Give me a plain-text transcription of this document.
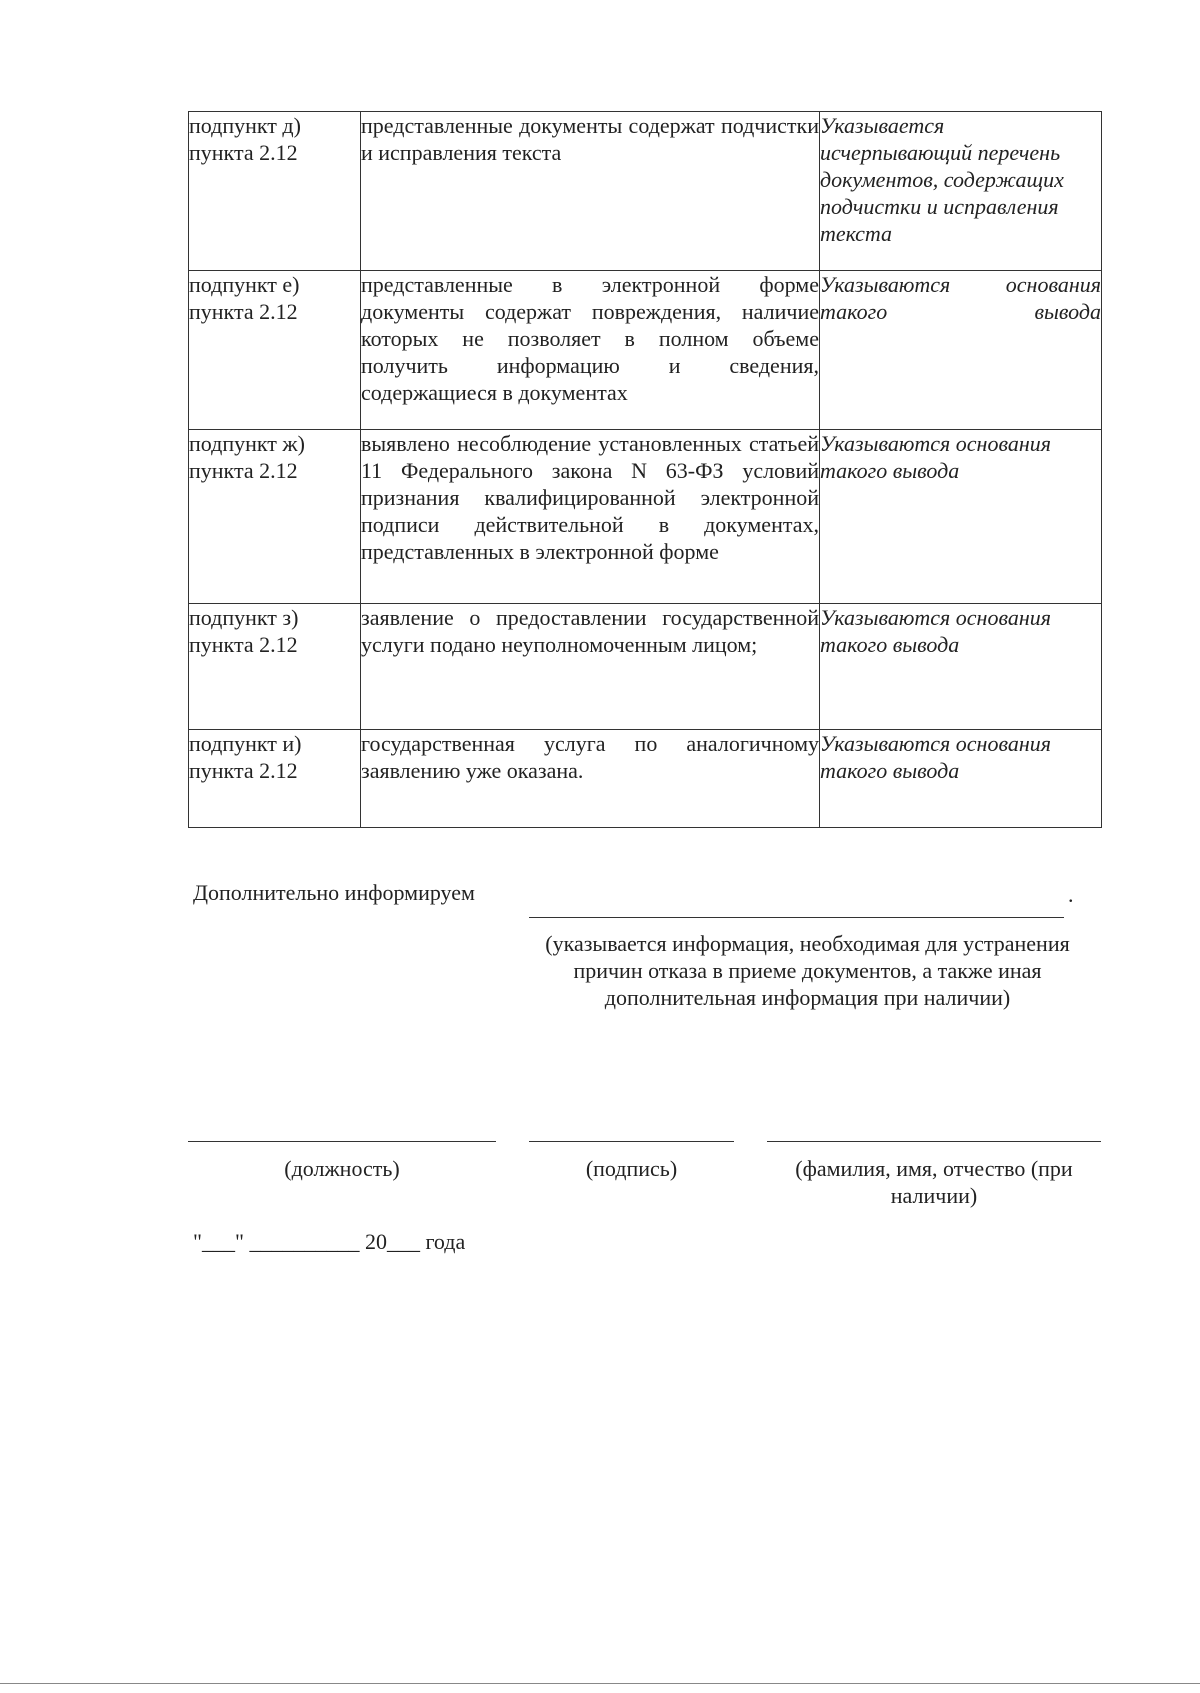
подпункт д)
пункта 2.12	представленные документы содержат подчистки и исправления текста	Указывается исчерпывающий перечень документов, содержащих подчистки и исправления текста

подпункт е)
пункта 2.12	представленные в электронной форме документы содержат повреждения, наличие которых не позволяет в полном объеме получить информацию и сведения, содержащиеся в документах	Указываются основания такого вывода

подпункт ж)
пункта 2.12	выявлено несоблюдение установленных статьей 11 Федерального закона N 63-ФЗ условий признания квалифицированной электронной подписи действительной в документах, представленных в электронной форме	Указываются основания такого вывода

подпункт з)
пункта 2.12	заявление о предоставлении государственной услуги подано неуполномоченным лицом;	Указываются основания такого вывода

подпункт и)
пункта 2.12	государственная услуга по аналогичному заявлению уже оказана.	Указываются основания такого вывода
Дополнительно информируем	.
(указывается информация, необходимая для устранения причин отказа в приеме документов, а также иная дополнительная информация при наличии)
(должность)	(подпись)	(фамилия, имя, отчество (при наличии)
"___" __________ 20___ года
